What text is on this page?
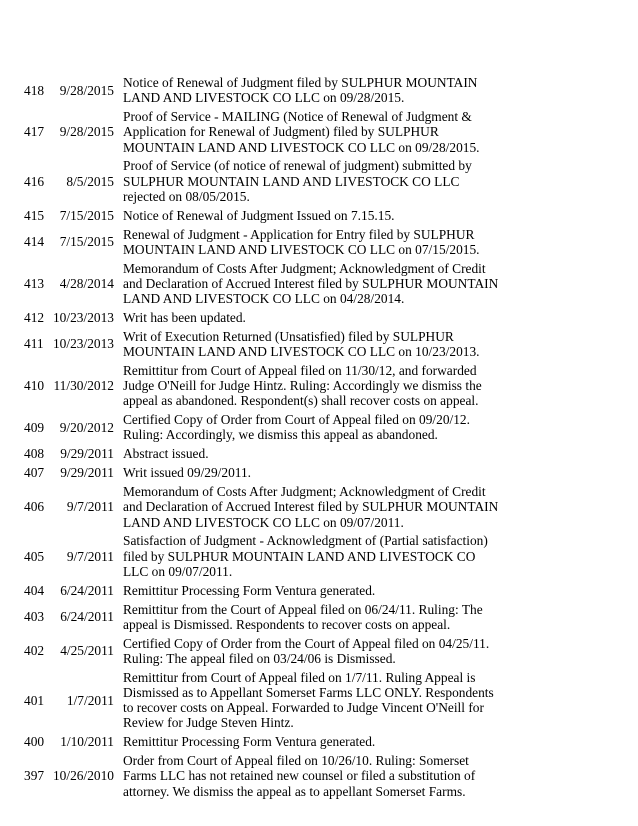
418 9/28/2015
Notice of Renewal of Judgment filed by SULPHUR MOUNTAIN LAND AND LIVESTOCK CO LLC on 09/28/2015.
417 9/28/2015
Proof of Service - MAILING (Notice of Renewal of Judgment & Application for Renewal of Judgment) filed by SULPHUR MOUNTAIN LAND AND LIVESTOCK CO LLC on 09/28/2015.
416 8/5/2015
Proof of Service (of notice of renewal of judgment) submitted by SULPHUR MOUNTAIN LAND AND LIVESTOCK CO LLC rejected on 08/05/2015.
415 7/15/2015 Notice of Renewal of Judgment Issued on 7.15.15.
414 7/15/2015
Renewal of Judgment - Application for Entry filed by SULPHUR MOUNTAIN LAND AND LIVESTOCK CO LLC on 07/15/2015.
413 4/28/2014
Memorandum of Costs After Judgment; Acknowledgment of Credit and Declaration of Accrued Interest filed by SULPHUR MOUNTAIN LAND AND LIVESTOCK CO LLC on 04/28/2014.
412 10/23/2013 Writ has been updated.
411 10/23/2013
Writ of Execution Returned (Unsatisfied) filed by SULPHUR MOUNTAIN LAND AND LIVESTOCK CO LLC on 10/23/2013.
410 11/30/2012
Remittitur from Court of Appeal filed on 11/30/12, and forwarded Judge O'Neill for Judge Hintz. Ruling: Accordingly we dismiss the appeal as abandoned. Respondent(s) shall recover costs on appeal.
409 9/20/2012
Certified Copy of Order from Court of Appeal filed on 09/20/12. Ruling: Accordingly, we dismiss this appeal as abandoned.
408 9/29/2011 Abstract issued.
407 9/29/2011 Writ issued 09/29/2011.
406 9/7/2011
Memorandum of Costs After Judgment; Acknowledgment of Credit and Declaration of Accrued Interest filed by SULPHUR MOUNTAIN LAND AND LIVESTOCK CO LLC on 09/07/2011.
405 9/7/2011
Satisfaction of Judgment - Acknowledgment of (Partial satisfaction) filed by SULPHUR MOUNTAIN LAND AND LIVESTOCK CO LLC on 09/07/2011.
404 6/24/2011 Remittitur Processing Form Ventura generated.
403 6/24/2011
Remittitur from the Court of Appeal filed on 06/24/11. Ruling: The appeal is Dismissed. Respondents to recover costs on appeal.
402 4/25/2011
Certified Copy of Order from the Court of Appeal filed on 04/25/11. Ruling: The appeal filed on 03/24/06 is Dismissed.
401 1/7/2011
Remittitur from Court of Appeal filed on 1/7/11. Ruling Appeal is Dismissed as to Appellant Somerset Farms LLC ONLY. Respondents to recover costs on Appeal. Forwarded to Judge Vincent O'Neill for Review for Judge Steven Hintz.
400 1/10/2011 Remittitur Processing Form Ventura generated.
397 10/26/2010
Order from Court of Appeal filed on 10/26/10. Ruling: Somerset Farms LLC has not retained new counsel or filed a substitution of attorney. We dismiss the appeal as to appellant Somerset Farms.
